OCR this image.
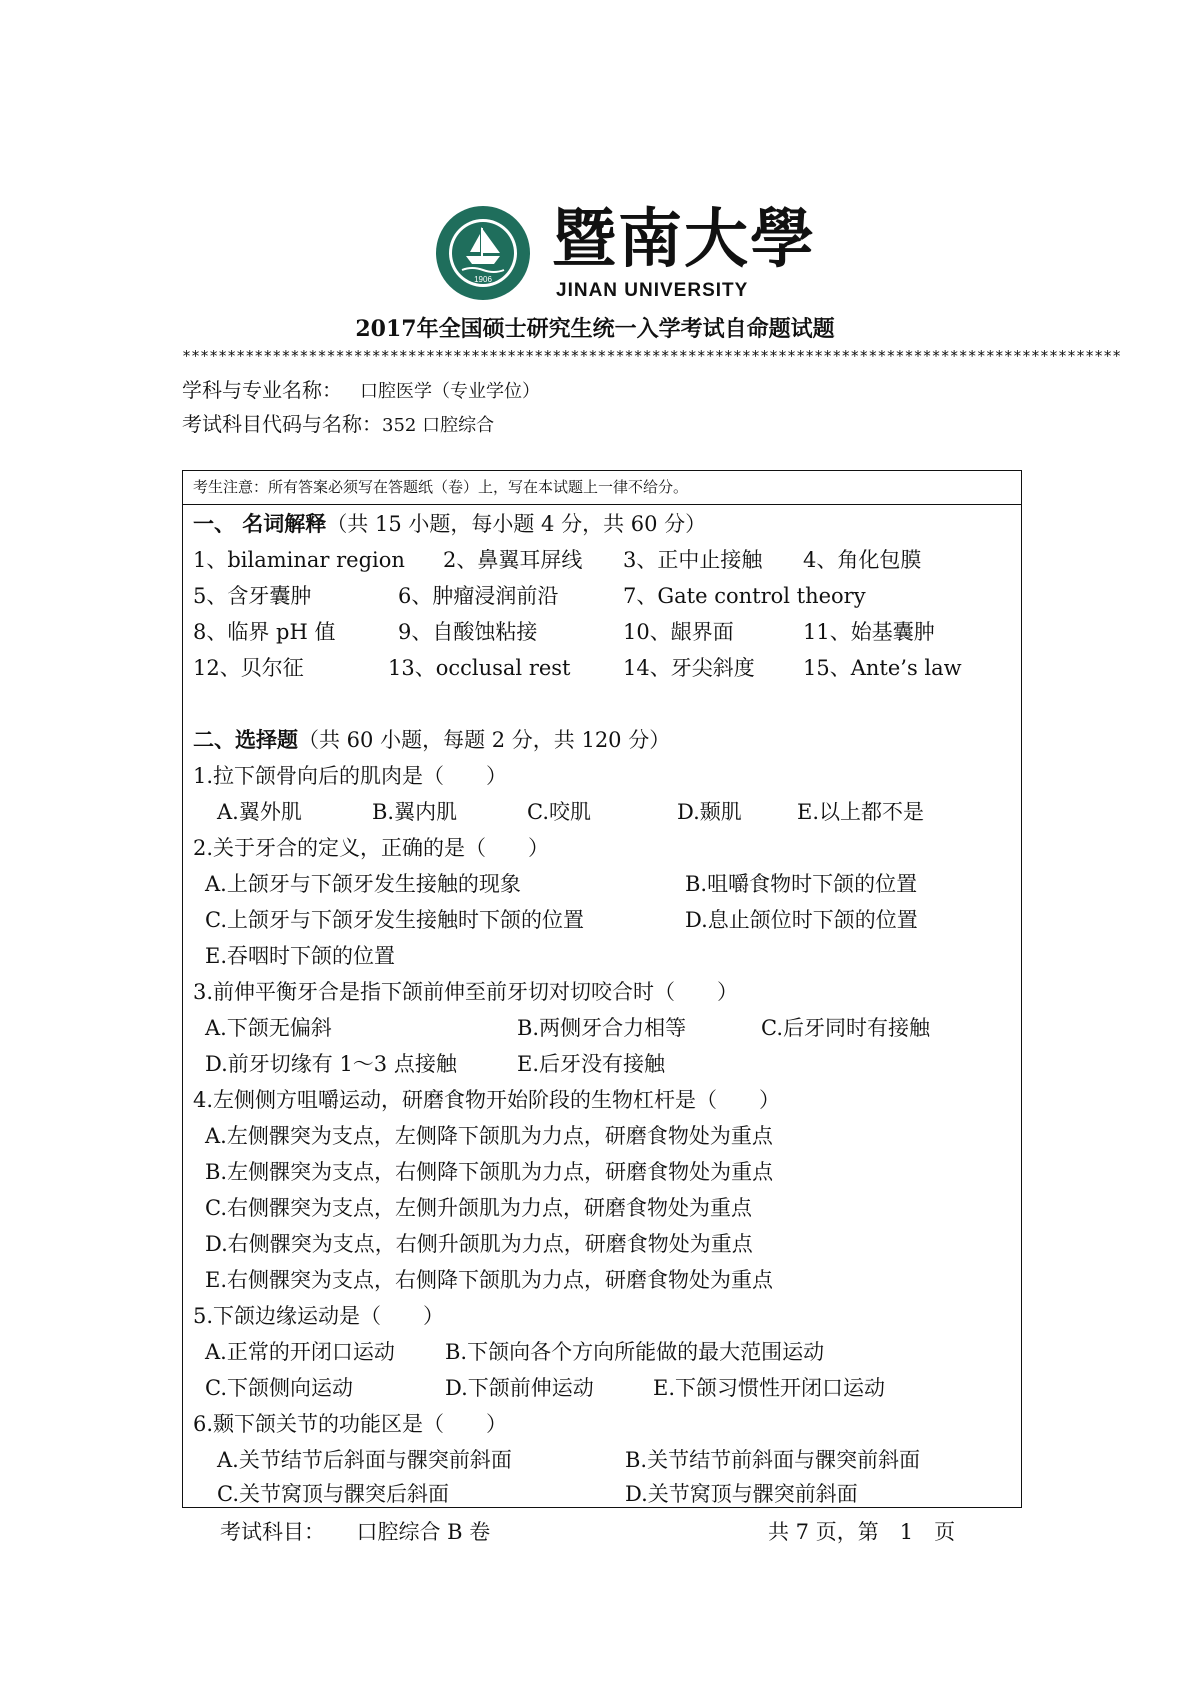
1906
暨南大學
JINAN UNIVERSITY
2017年全国硕士研究生统一入学考试自命题试题
********************************************************************************************************
学科与专业名称： 口腔医学（专业学位）
考试科目代码与名称：352 口腔综合
考生注意：所有答案必须写在答题纸（卷）上，写在本试题上一律不给分。
一、 名词解释（共 15 小题，每小题 4 分，共 60 分）
1、bilaminar region 2、鼻翼耳屏线 3、正中止接触 4、角化包膜
5、含牙囊肿	6、肿瘤浸润前沿	7、Gate control theory
8、临界 pH 值	9、自酸蚀粘接	10、龈界面	11、始基囊肿
12、贝尔征	13、occlusal rest	14、牙尖斜度 15、Ante’s law
二、选择题（共 60 小题，每题 2 分，共 120 分）
1.拉下颌骨向后的肌肉是（　　）
A.翼外肌	B.翼内肌	C.咬肌	D.颞肌	E.以上都不是
2.关于牙合的定义，正确的是（　　）
A.上颌牙与下颌牙发生接触的现象	B.咀嚼食物时下颌的位置
C.上颌牙与下颌牙发生接触时下颌的位置	D.息止颌位时下颌的位置
E.吞咽时下颌的位置
3.前伸平衡牙合是指下颌前伸至前牙切对切咬合时（　　）
A.下颌无偏斜	B.两侧牙合力相等	C.后牙同时有接触
D.前牙切缘有 1～3 点接触	E.后牙没有接触
4.左侧侧方咀嚼运动，研磨食物开始阶段的生物杠杆是（　　）
A.左侧髁突为支点，左侧降下颌肌为力点，研磨食物处为重点
B.左侧髁突为支点，右侧降下颌肌为力点，研磨食物处为重点
C.右侧髁突为支点，左侧升颌肌为力点，研磨食物处为重点
D.右侧髁突为支点，右侧升颌肌为力点，研磨食物处为重点
E.右侧髁突为支点，右侧降下颌肌为力点，研磨食物处为重点
5.下颌边缘运动是（　　）
A.正常的开闭口运动 B.下颌向各个方向所能做的最大范围运动
C.下颌侧向运动	D.下颌前伸运动	E.下颌习惯性开闭口运动
6.颞下颌关节的功能区是（　　）
A.关节结节后斜面与髁突前斜面	B.关节结节前斜面与髁突前斜面
C.关节窝顶与髁突后斜面	D.关节窝顶与髁突前斜面
考试科目：　　口腔综合 B 卷	共 7 页，第　1　页
